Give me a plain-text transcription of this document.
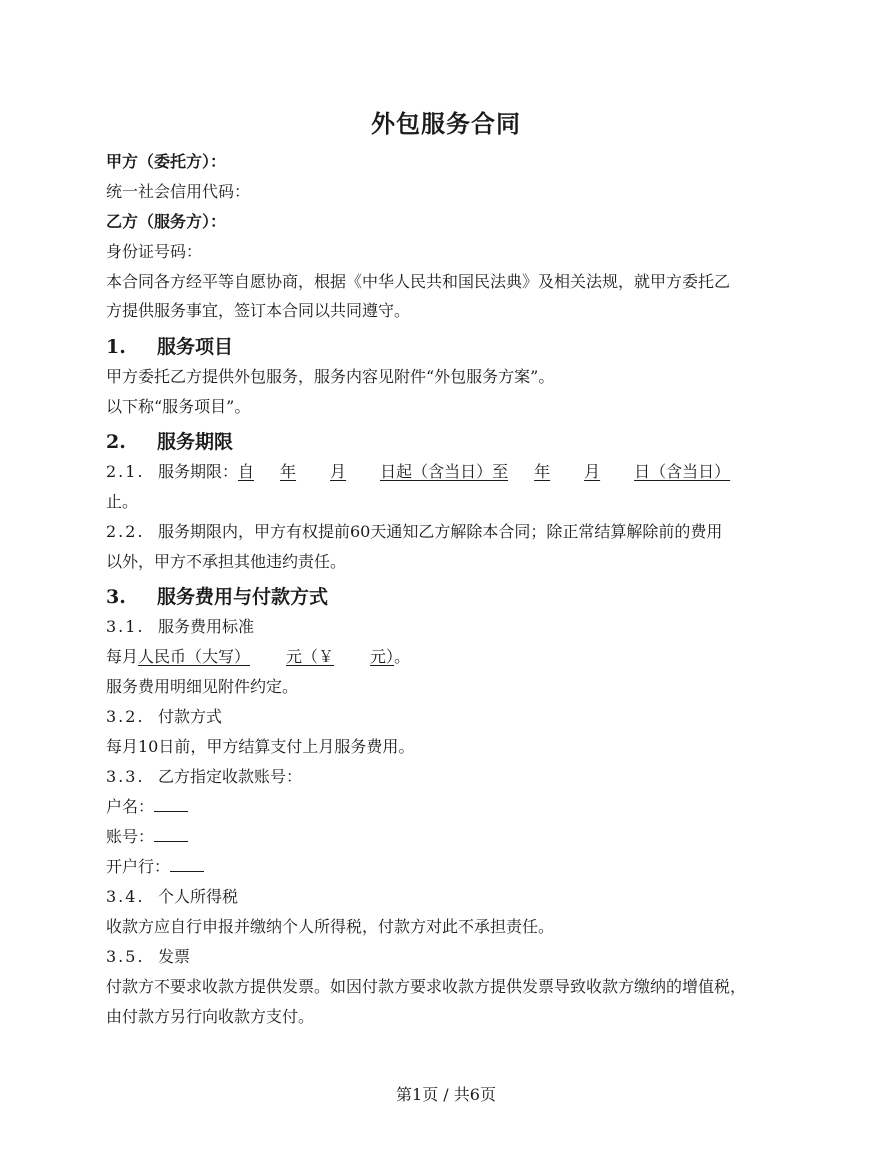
外包服务合同
甲方（委托方）：
统一社会信用代码：
乙方（服务方）：
身份证号码：
本合同各方经平等自愿协商，根据《中华人民共和国民法典》及相关法规，就甲方委托乙
方提供服务事宜，签订本合同以共同遵守。
1. 服务项目
甲方委托乙方提供外包服务，服务内容见附件“外包服务方案”。
以下称“服务项目”。
2. 服务期限
2.1. 服务期限：自 年 月 日起（含当日）至 年 月 日（含当日）
止。
2.2. 服务期限内，甲方有权提前60天通知乙方解除本合同；除正常结算解除前的费用
以外，甲方不承担其他违约责任。
3. 服务费用与付款方式
3.1. 服务费用标准
每月人民币（大写） 元（￥ 元）。
服务费用明细见附件约定。
3.2. 付款方式
每月10日前，甲方结算支付上月服务费用。
3.3. 乙方指定收款账号：
户名：
账号：
开户行：
3.4. 个人所得税
收款方应自行申报并缴纳个人所得税，付款方对此不承担责任。
3.5. 发票
付款方不要求收款方提供发票。如因付款方要求收款方提供发票导致收款方缴纳的增值税，
由付款方另行向收款方支付。
第1页 / 共6页
